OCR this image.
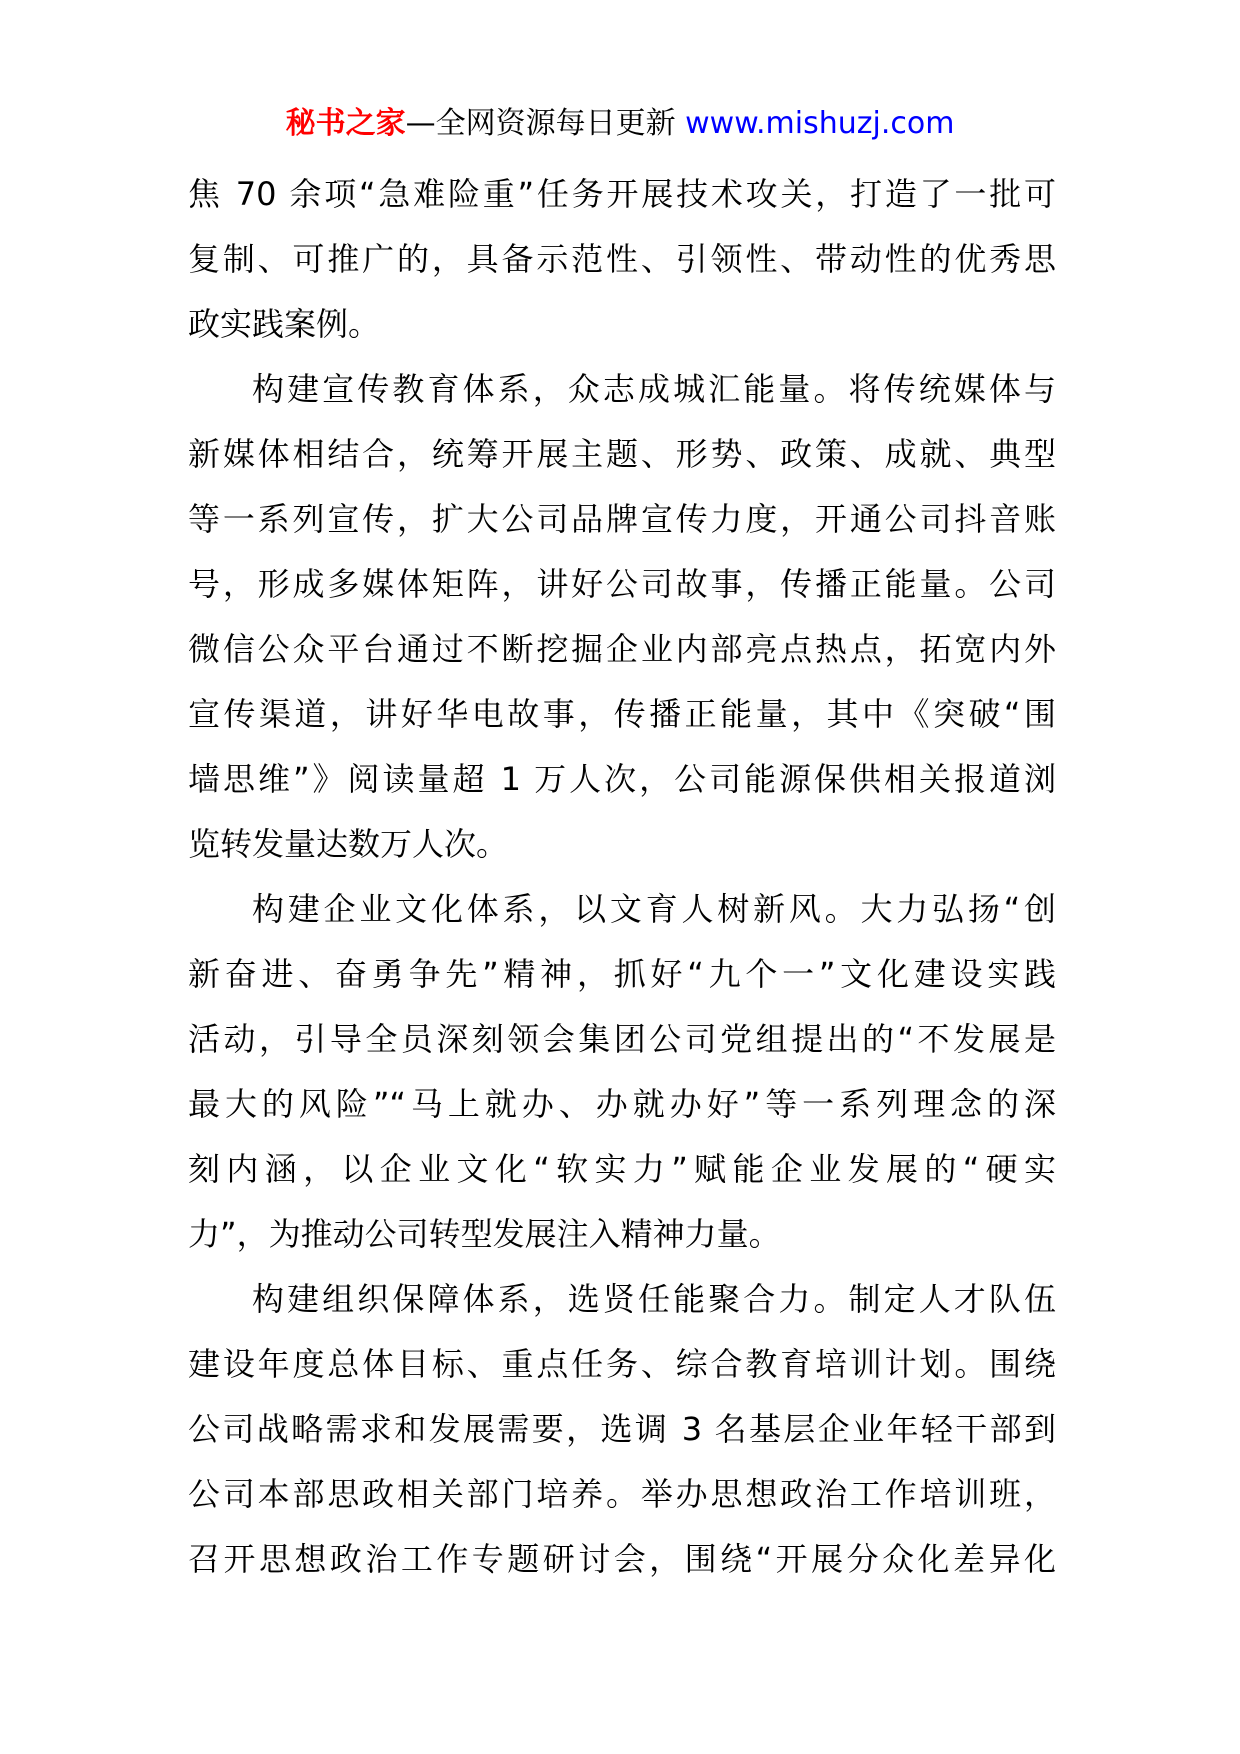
秘书之家—全网资源每日更新 www.mishuzj.com
焦 70 余项“急难险重”任务开展技术攻关，打造了一批可
复制、可推广的，具备示范性、引领性、带动性的优秀思
政实践案例。
构建宣传教育体系，众志成城汇能量。将传统媒体与
新媒体相结合，统筹开展主题、形势、政策、成就、典型
等一系列宣传，扩大公司品牌宣传力度，开通公司抖音账
号，形成多媒体矩阵，讲好公司故事，传播正能量。公司
微信公众平台通过不断挖掘企业内部亮点热点，拓宽内外
宣传渠道，讲好华电故事，传播正能量，其中《突破“围
墙思维”》阅读量超 1 万人次，公司能源保供相关报道浏
览转发量达数万人次。
构建企业文化体系，以文育人树新风。大力弘扬“创
新奋进、奋勇争先”精神，抓好“九个一”文化建设实践
活动，引导全员深刻领会集团公司党组提出的“不发展是
最大的风险”“马上就办、办就办好”等一系列理念的深
刻内涵，以企业文化“软实力”赋能企业发展的“硬实
力”，为推动公司转型发展注入精神力量。
构建组织保障体系，选贤任能聚合力。制定人才队伍
建设年度总体目标、重点任务、综合教育培训计划。围绕
公司战略需求和发展需要，选调 3 名基层企业年轻干部到
公司本部思政相关部门培养。举办思想政治工作培训班，
召开思想政治工作专题研讨会，围绕“开展分众化差异化
